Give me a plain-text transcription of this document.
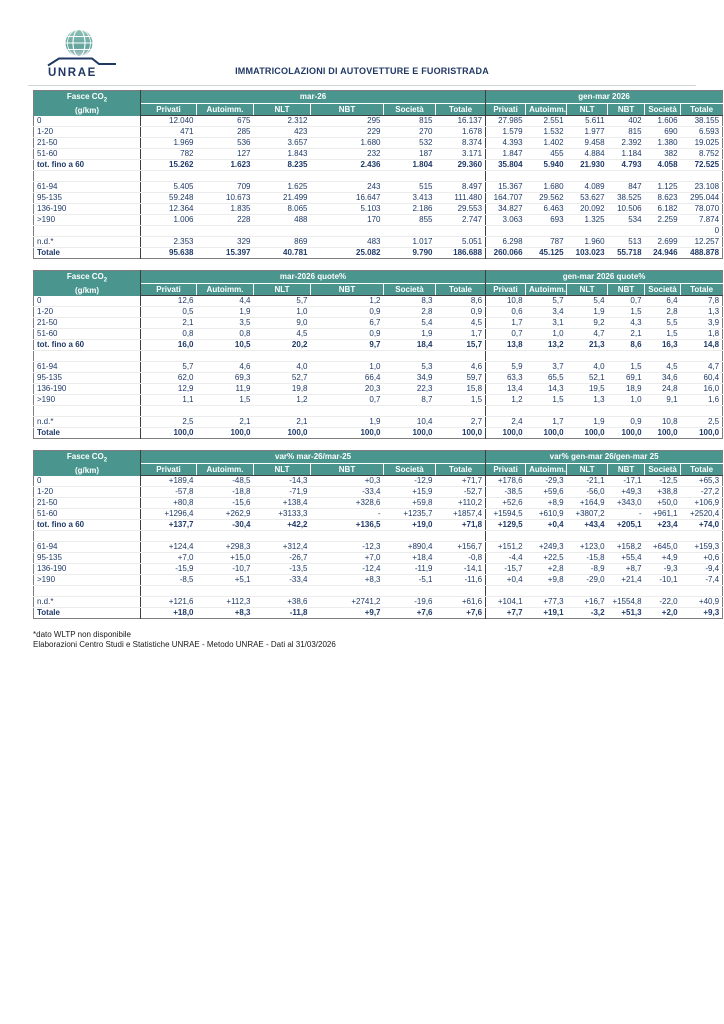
UNRAE	IMMATRICOLAZIONI DI AUTOVETTURE E FUORISTRADA
Fasce $CO_2$
(g/km)	mar-26						gen-mar 2026					
	Privati	Autoimm.	NLT	NBT	Società	Totale	Privati	Autoimm.	NLT	NBT	Società	Totale
0	12.040	675	2.312	295	815	16.137	27.985	2.551	5.611	402	1.606	38.155
1-20	471	285	423	229	270	1.678	1.579	1.532	1.977	815	690	6.593
21-50	1.969	536	3.657	1.680	532	8.374	4.393	1.402	9.458	2.392	1.380	19.025
51-60	782	127	1.843	232	187	3.171	1.847	455	4.884	1.184	382	8.752
tot. fino a 60	15.262	1.623	8.235	2.436	1.804	29.360	35.804	5.940	21.930	4.793	4.058	72.525

61-94	5.405	709	1.625	243	515	8.497	15.367	1.680	4.089	847	1.125	23.108
95-135	59.248	10.673	21.499	16.647	3.413	111.480	164.707	29.562	53.627	38.525	8.623	295.044
136-190	12.364	1.835	8.065	5.103	2.186	29.553	34.827	6.463	20.092	10.506	6.182	78.070
>190	1.006	228	488	170	855	2.747	3.063	693	1.325	534	2.259	7.874
												0
n.d.*	2.353	329	869	483	1.017	5.051	6.298	787	1.960	513	2.699	12.257
Totale	95.638	15.397	40.781	25.082	9.790	186.688	260.066	45.125	103.023	55.718	24.946	488.878
Fasce $CO_2$
(g/km)	mar-2026 quote%						gen-mar 2026 quote%					
	Privati	Autoimm.	NLT	NBT	Società	Totale	Privati	Autoimm.	NLT	NBT	Società	Totale
0	12,6	4,4	5,7	1,2	8,3	8,6	10,8	5,7	5,4	0,7	6,4	7,8
1-20	0,5	1,9	1,0	0,9	2,8	0,9	0,6	3,4	1,9	1,5	2,8	1,3
21-50	2,1	3,5	9,0	6,7	5,4	4,5	1,7	3,1	9,2	4,3	5,5	3,9
51-60	0,8	0,8	4,5	0,9	1,9	1,7	0,7	1,0	4,7	2,1	1,5	1,8
tot. fino a 60	16,0	10,5	20,2	9,7	18,4	15,7	13,8	13,2	21,3	8,6	16,3	14,8

61-94	5,7	4,6	4,0	1,0	5,3	4,6	5,9	3,7	4,0	1,5	4,5	4,7
95-135	62,0	69,3	52,7	66,4	34,9	59,7	63,3	65,5	52,1	69,1	34,6	60,4
136-190	12,9	11,9	19,8	20,3	22,3	15,8	13,4	14,3	19,5	18,9	24,8	16,0
>190	1,1	1,5	1,2	0,7	8,7	1,5	1,2	1,5	1,3	1,0	9,1	1,6

n.d.*	2,5	2,1	2,1	1,9	10,4	2,7	2,4	1,7	1,9	0,9	10,8	2,5
Totale	100,0	100,0	100,0	100,0	100,0	100,0	100,0	100,0	100,0	100,0	100,0	100,0
Fasce $CO_2$
(g/km)	var% mar-26/mar-25						var% gen-mar 26/gen-mar 25					
	Privati	Autoimm.	NLT	NBT	Società	Totale	Privati	Autoimm.	NLT	NBT	Società	Totale
0	+189,4	-48,5	-14,3	+0,3	-12,9	+71,7	+178,6	-29,3	-21,1	-17,1	-12,5	+65,3
1-20	-57,8	-18,8	-71,9	-33,4	+15,9	-52,7	-38,5	+59,6	-56,0	+49,3	+38,8	-27,2
21-50	+80,8	-15,6	+138,4	+328,6	+59,8	+110,2	+52,6	+8,9	+164,9	+343,0	+50,0	+106,9
51-60	+1296,4	+262,9	+3133,3	-	+1235,7	+1857,4	+1594,5	+610,9	+3807,2	-	+961,1	+2520,4
tot. fino a 60	+137,7	-30,4	+42,2	+136,5	+19,0	+71,8	+129,5	+0,4	+43,4	+205,1	+23,4	+74,0

61-94	+124,4	+298,3	+312,4	-12,3	+890,4	+156,7	+151,2	+249,3	+123,0	+158,2	+645,0	+159,3
95-135	+7,0	+15,0	-26,7	+7,0	+18,4	-0,8	-4,4	+22,5	-15,8	+55,4	+4,9	+0,6
136-190	-15,9	-10,7	-13,5	-12,4	-11,9	-14,1	-15,7	+2,8	-8,9	+8,7	-9,3	-9,4
>190	-8,5	+5,1	-33,4	+8,3	-5,1	-11,6	+0,4	+9,8	-29,0	+21,4	-10,1	-7,4

n.d.*	+121,6	+112,3	+38,6	+2741,2	-19,6	+61,6	+104,1	+77,3	+16,7	+1554,8	-22,0	+40,9
Totale	+18,0	+8,3	-11,8	+9,7	+7,6	+7,6	+7,7	+19,1	-3,2	+51,3	+2,0	+9,3
*dato WLTP non disponibile
Elaborazioni Centro Studi e Statistiche UNRAE - Metodo UNRAE - Dati al 31/03/2026
